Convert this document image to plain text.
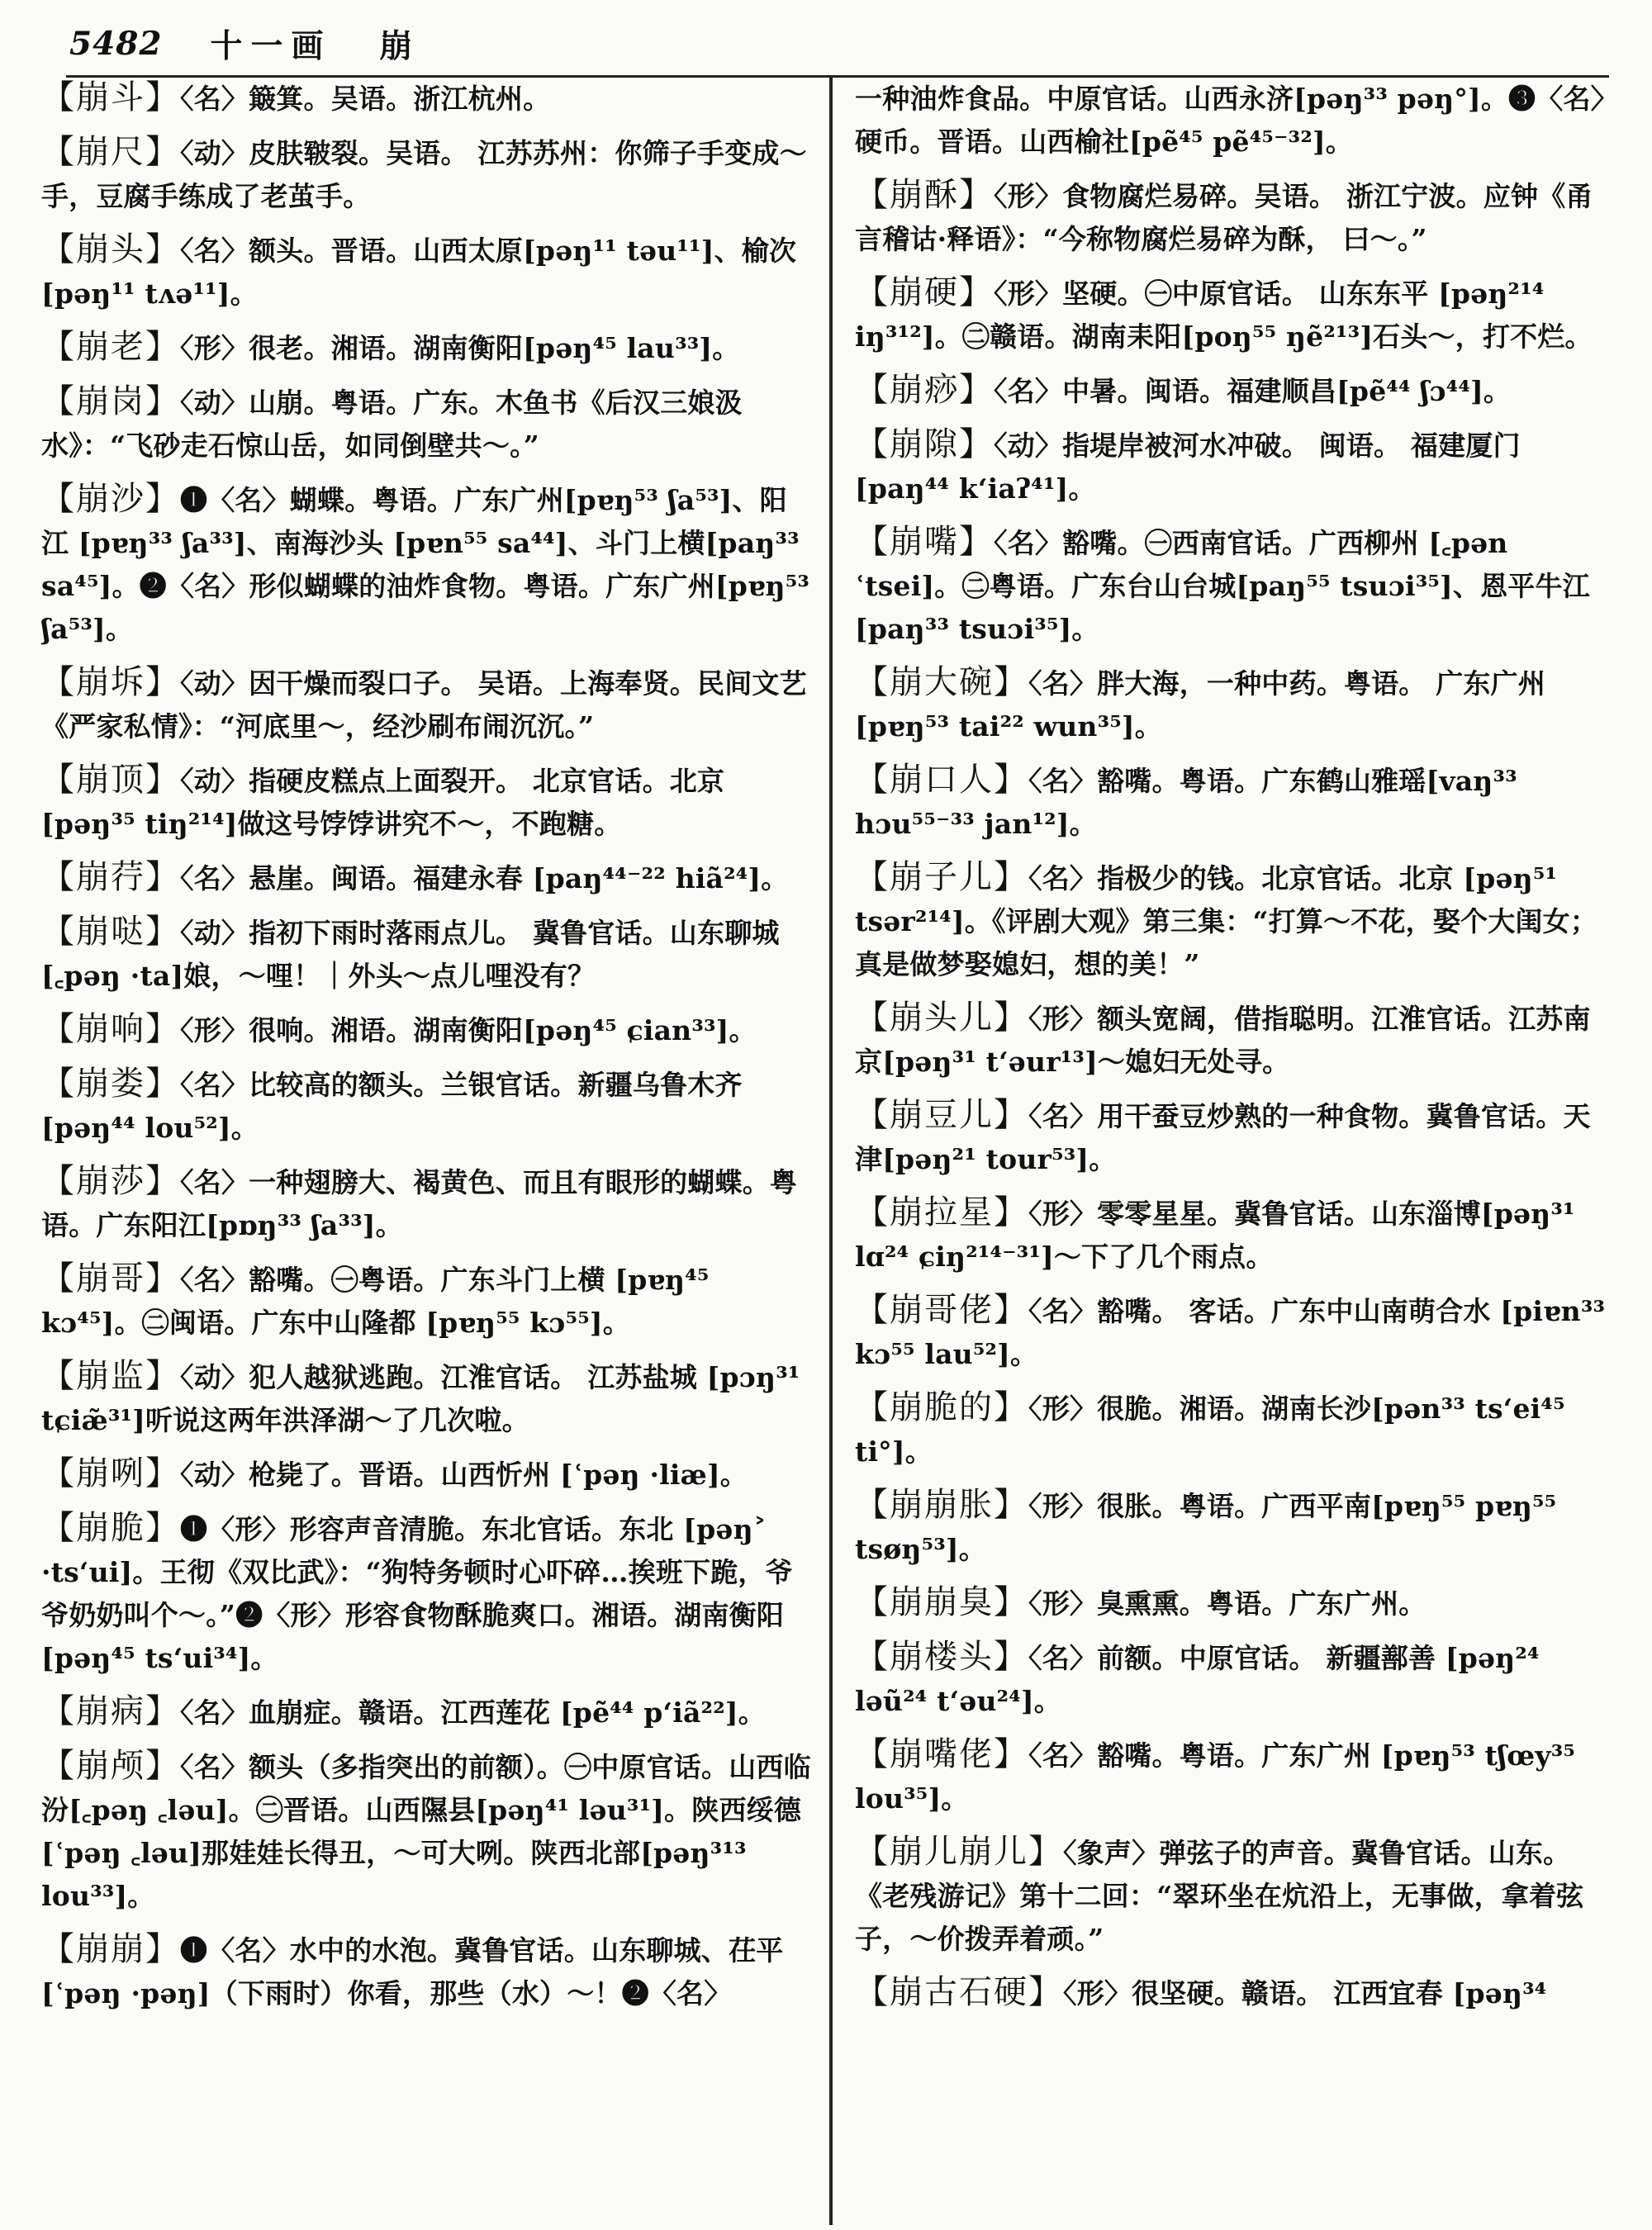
5482 十一画 崩

【崩斗】〈名〉簸箕。吴语。浙江杭州。

【崩尺】〈动〉皮肤皲裂。吴语。 江苏苏州：你筛子手变成～手，豆腐手练成了老茧手。

【崩头】〈名〉额头。晋语。山西太原[pəŋ¹¹ təu¹¹]、榆次[pəŋ¹¹ tʌə¹¹]。

【崩老】〈形〉很老。湘语。湖南衡阳[pəŋ⁴⁵ lau³³]。

【崩岗】〈动〉山崩。粤语。广东。木鱼书《后汉三娘汲水》：“飞砂走石惊山岳，如同倒壁共～。”

【崩沙】❶〈名〉蝴蝶。粤语。广东广州[pɐŋ⁵³ ʃa⁵³]、阳江 [pɐŋ³³ ʃa³³]、南海沙头 [pɐn⁵⁵ sa⁴⁴]、斗门上横[paŋ³³ sa⁴⁵]。❷〈名〉形似蝴蝶的油炸食物。粤语。广东广州[pɐŋ⁵³ ʃa⁵³]。

【崩坼】〈动〉因干燥而裂口子。 吴语。上海奉贤。民间文艺《严家私情》：“河底里～，经沙刷布闹沉沉。”

【崩顶】〈动〉指硬皮糕点上面裂开。 北京官话。北京 [pəŋ³⁵ tiŋ²¹⁴]做这号饽饽讲究不～，不跑糖。

【崩荇】〈名〉悬崖。闽语。福建永春 [paŋ⁴⁴⁻²² hiã²⁴]。

【崩哒】〈动〉指初下雨时落雨点儿。 冀鲁官话。山东聊城[꜀pəŋ ·ta]娘，～哩！｜外头～点儿哩没有？

【崩响】〈形〉很响。湘语。湖南衡阳[pəŋ⁴⁵ ɕian³³]。

【崩娄】〈名〉比较高的额头。兰银官话。新疆乌鲁木齐 [pəŋ⁴⁴ lou⁵²]。

【崩莎】〈名〉一种翅膀大、褐黄色、而且有眼形的蝴蝶。粤语。广东阳江[pɒŋ³³ ʃa³³]。

【崩哥】〈名〉豁嘴。㊀粤语。广东斗门上横 [pɐŋ⁴⁵ kɔ⁴⁵]。㊁闽语。广东中山隆都 [pɐŋ⁵⁵ kɔ⁵⁵]。

【崩监】〈动〉犯人越狱逃跑。江淮官话。 江苏盐城 [pɔŋ³¹ tɕiæ̃³¹]听说这两年洪泽湖～了几次啦。

【崩咧】〈动〉枪毙了。晋语。山西忻州 [ʿpəŋ ·liæ]。

【崩脆】❶〈形〉形容声音清脆。东北官话。东北 [pəŋ˃ ·tsʻui]。王彻《双比武》：“狗特务顿时心吓碎…挨班下跪，爷爷奶奶叫个～。”❷〈形〉形容食物酥脆爽口。湘语。湖南衡阳[pəŋ⁴⁵ tsʻui³⁴]。

【崩病】〈名〉血崩症。赣语。江西莲花 [pẽ⁴⁴ pʻiã²²]。

【崩颅】〈名〉额头（多指突出的前额）。㊀中原官话。山西临汾[꜀pəŋ ꜀ləu]。㊁晋语。山西隰县[pəŋ⁴¹ ləu³¹]。陕西绥德[ʿpəŋ ꜀ləu]那娃娃长得丑，～可大咧。陕西北部[pəŋ³¹³ lou³³]。

【崩崩】❶〈名〉水中的水泡。冀鲁官话。山东聊城、茌平[ʿpəŋ ·pəŋ]（下雨时）你看，那些（水）～！❷〈名〉

一种油炸食品。中原官话。山西永济[pəŋ³³ pəŋ°]。❸〈名〉硬币。晋语。山西榆社[pẽ⁴⁵ pẽ⁴⁵⁻³²]。

【崩酥】〈形〉食物腐烂易碎。吴语。 浙江宁波。应钟《甬言稽诂·释语》：“今称物腐烂易碎为酥， 曰～。”

【崩硬】〈形〉坚硬。㊀中原官话。 山东东平 [pəŋ²¹⁴ iŋ³¹²]。㊁赣语。湖南耒阳[poŋ⁵⁵ ŋẽ²¹³]石头～，打不烂。

【崩痧】〈名〉中暑。闽语。福建顺昌[pẽ⁴⁴ ʃɔ⁴⁴]。

【崩隙】〈动〉指堤岸被河水冲破。 闽语。 福建厦门 [paŋ⁴⁴ kʻiaʔ⁴¹]。

【崩嘴】〈名〉豁嘴。㊀西南官话。广西柳州 [꜀pən ʿtsei]。㊁粤语。广东台山台城[paŋ⁵⁵ tsuɔi³⁵]、恩平牛江[paŋ³³ tsuɔi³⁵]。

【崩大碗】〈名〉胖大海，一种中药。粤语。 广东广州 [pɐŋ⁵³ tai²² wun³⁵]。

【崩口人】〈名〉豁嘴。粤语。广东鹤山雅瑶[vaŋ³³ hɔu⁵⁵⁻³³ jan¹²]。

【崩子儿】〈名〉指极少的钱。北京官话。北京 [pəŋ⁵¹ tsər²¹⁴]。《评剧大观》第三集：“打算～不花，娶个大闺女；真是做梦娶媳妇，想的美！”

【崩头儿】〈形〉额头宽阔，借指聪明。江淮官话。江苏南京[pəŋ³¹ tʻəur¹³]～媳妇无处寻。

【崩豆儿】〈名〉用干蚕豆炒熟的一种食物。冀鲁官话。天津[pəŋ²¹ tour⁵³]。

【崩拉星】〈形〉零零星星。冀鲁官话。山东淄博[pəŋ³¹ lɑ²⁴ ɕiŋ²¹⁴⁻³¹]～下了几个雨点。

【崩哥佬】〈名〉豁嘴。 客话。广东中山南萌合水 [piɐn³³ kɔ⁵⁵ lau⁵²]。

【崩脆的】〈形〉很脆。湘语。湖南长沙[pən³³ tsʻei⁴⁵ ti°]。

【崩崩胀】〈形〉很胀。粤语。广西平南[pɐŋ⁵⁵ pɐŋ⁵⁵ tsøŋ⁵³]。

【崩崩臭】〈形〉臭熏熏。粤语。广东广州。

【崩楼头】〈名〉前额。中原官话。 新疆鄯善 [pəŋ²⁴ ləũ²⁴ tʻəu²⁴]。

【崩嘴佬】〈名〉豁嘴。粤语。广东广州 [pɐŋ⁵³ tʃœy³⁵ lou³⁵]。

【崩儿崩儿】〈象声〉弹弦子的声音。冀鲁官话。山东。《老残游记》第十二回：“翠环坐在炕沿上，无事做，拿着弦子，～价拨弄着顽。”

【崩古石硬】〈形〉很坚硬。赣语。 江西宜春 [pəŋ³⁴
